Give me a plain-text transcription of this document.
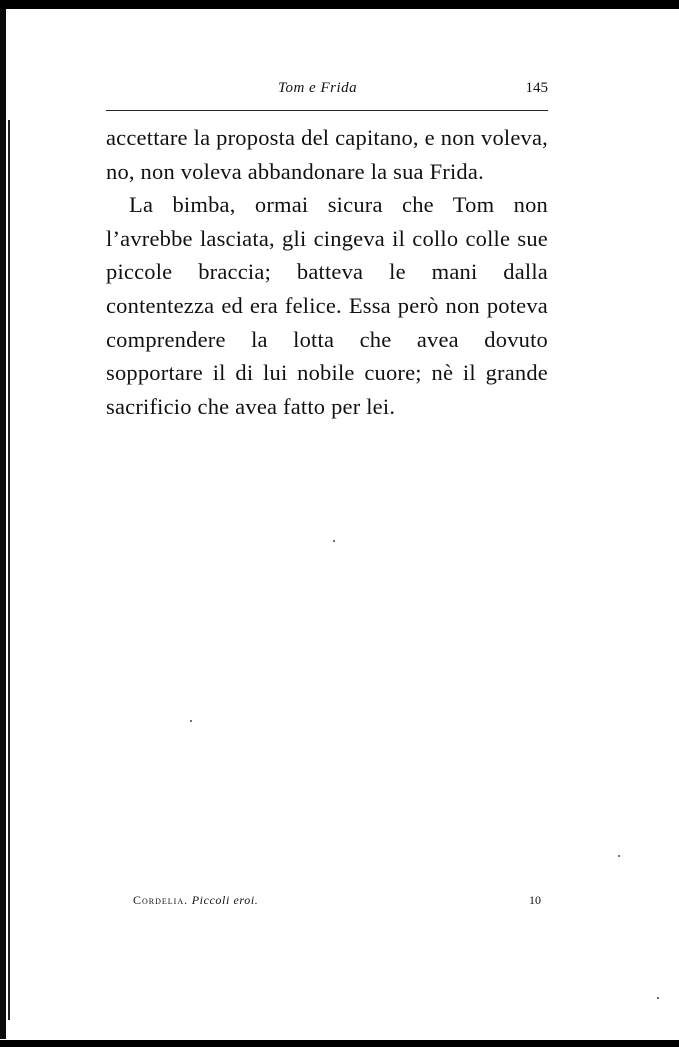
Tom e Frida	145

accettare la proposta del capitano, e non voleva, no, non voleva abbandonare la sua Frida.

La bimba, ormai sicura che Tom non l’avrebbe lasciata, gli cingeva il collo colle sue piccole braccia; batteva le mani dalla contentezza ed era felice. Essa però non poteva comprendere la lotta che avea dovuto sopportare il di lui nobile cuore; nè il grande sacrificio che avea fatto per lei.

Cordelia. Piccoli eroi.	10
